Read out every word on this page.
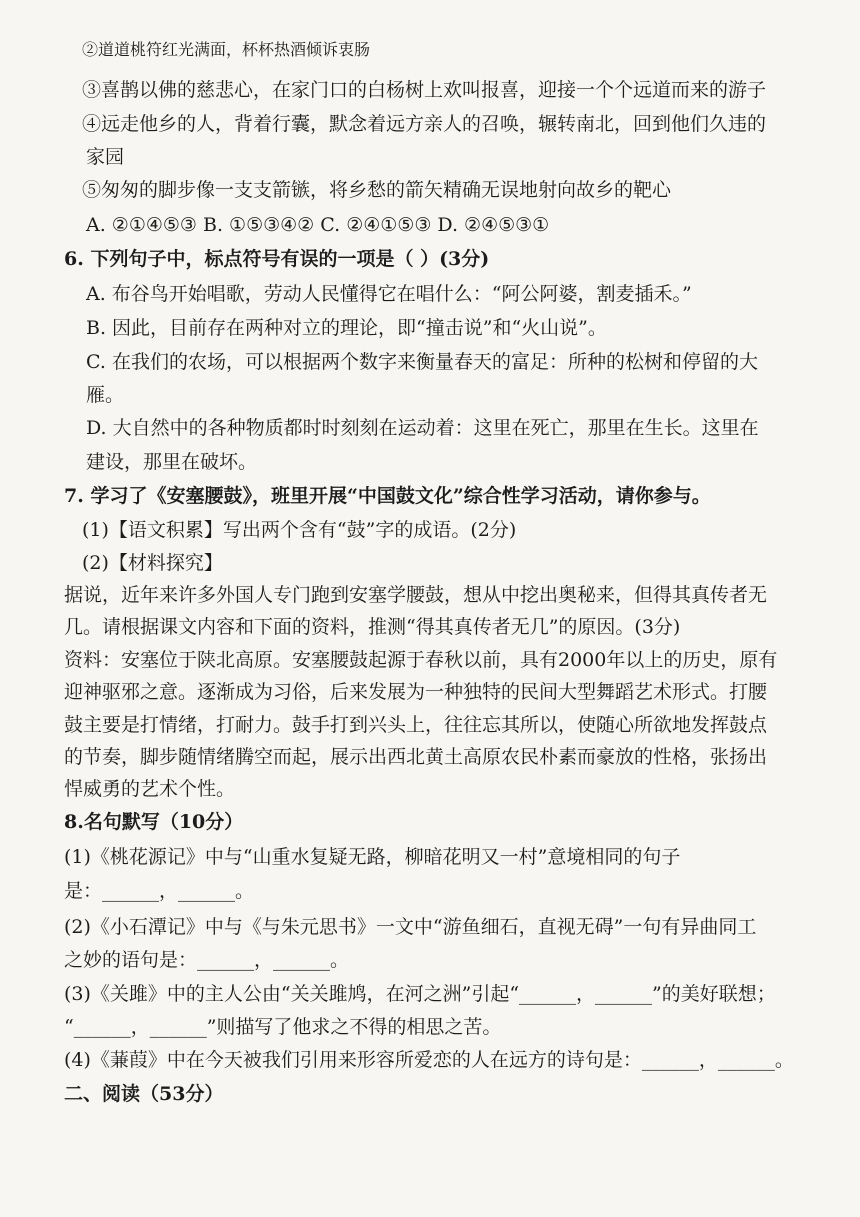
②道道桃符红光满面，杯杯热酒倾诉衷肠
③喜鹊以佛的慈悲心，在家门口的白杨树上欢叫报喜，迎接一个个远道而来的游子
④远走他乡的人，背着行囊，默念着远方亲人的召唤，辗转南北，回到他们久违的
家园
⑤匆匆的脚步像一支支箭镞，将乡愁的箭矢精确无误地射向故乡的靶心
A. ②①④⑤③ B. ①⑤③④② C. ②④①⑤③ D. ②④⑤③①
6. 下列句子中，标点符号有误的一项是（ ）(3分)
A. 布谷鸟开始唱歌，劳动人民懂得它在唱什么：“阿公阿婆，割麦插禾。”
B. 因此，目前存在两种对立的理论，即“撞击说”和“火山说”。
C. 在我们的农场，可以根据两个数字来衡量春天的富足：所种的松树和停留的大
雁。
D. 大自然中的各种物质都时时刻刻在运动着：这里在死亡，那里在生长。这里在
建设，那里在破坏。
7. 学习了《安塞腰鼓》，班里开展“中国鼓文化”综合性学习活动，请你参与。
(1)【语文积累】写出两个含有“鼓”字的成语。(2分)
(2)【材料探究】
据说，近年来许多外国人专门跑到安塞学腰鼓，想从中挖出奥秘来，但得其真传者无
几。请根据课文内容和下面的资料，推测“得其真传者无几”的原因。(3分)
资料：安塞位于陕北高原。安塞腰鼓起源于春秋以前，具有2000年以上的历史，原有
迎神驱邪之意。逐渐成为习俗，后来发展为一种独特的民间大型舞蹈艺术形式。打腰
鼓主要是打情绪，打耐力。鼓手打到兴头上，往往忘其所以，使随心所欲地发挥鼓点
的节奏，脚步随情绪腾空而起，展示出西北黄土高原农民朴素而豪放的性格，张扬出
悍威勇的艺术个性。
8.名句默写（10分）
(1)《桃花源记》中与“山重水复疑无路，柳暗花明又一村”意境相同的句子
是：______，______。
(2)《小石潭记》中与《与朱元思书》一文中“游鱼细石，直视无碍”一句有异曲同工
之妙的语句是：______，______。
(3)《关雎》中的主人公由“关关雎鸠，在河之洲”引起“______，______”的美好联想；
“______，______”则描写了他求之不得的相思之苦。
(4)《蒹葭》中在今天被我们引用来形容所爱恋的人在远方的诗句是：______，______。
二、阅读（53分）
